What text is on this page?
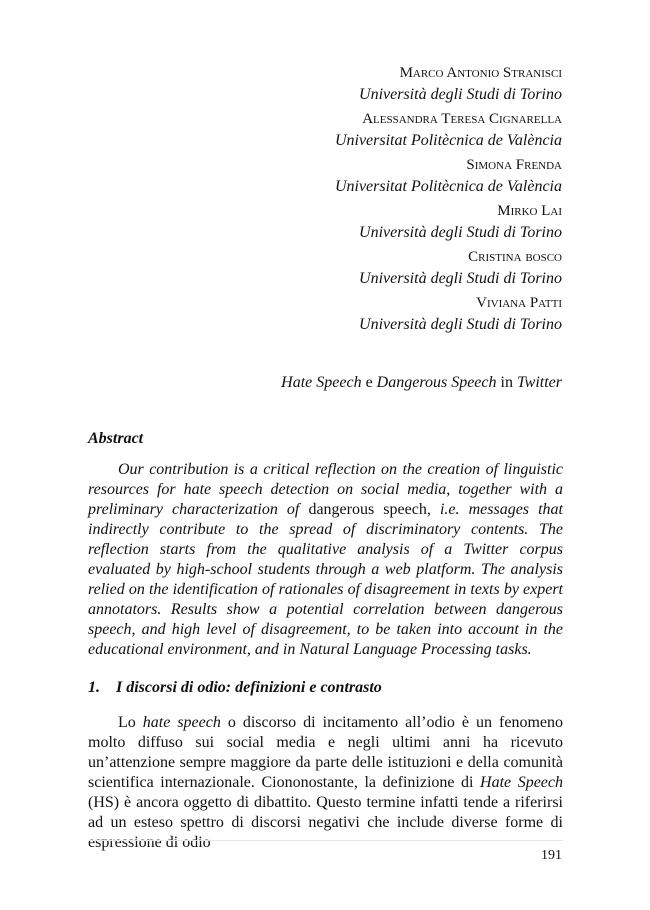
Marco Antonio Stranisci
Università degli Studi di Torino
Alessandra Teresa Cignarella
Universitat Politècnica de València
Simona Frenda
Universitat Politècnica de València
Mirko Lai
Università degli Studi di Torino
Cristina bosco
Università degli Studi di Torino
Viviana Patti
Università degli Studi di Torino
Hate Speech e Dangerous Speech in Twitter
Abstract

Our contribution is a critical reflection on the creation of linguistic resources for hate speech detection on social media, together with a preliminary characterization of dangerous speech, i.e. messages that indirectly contribute to the spread of discriminatory contents. The reflection starts from the qualitative analysis of a Twitter corpus evaluated by high-school students through a web platform. The analysis relied on the identification of rationales of disagreement in texts by expert annotators. Results show a potential correlation between dangerous speech, and high level of disagreement, to be taken into account in the educational environment, and in Natural Language Processing tasks.

1. I discorsi di odio: definizioni e contrasto

Lo hate speech o discorso di incitamento all’odio è un fenomeno molto diffuso sui social media e negli ultimi anni ha ricevuto un’attenzione sempre maggiore da parte delle istituzioni e della comunità scientifica internazionale. Ciononostante, la definizione di Hate Speech (HS) è ancora oggetto di dibattito. Questo termine infatti tende a riferirsi ad un esteso spettro di discorsi negativi che include diverse forme di espressione di odio

191
